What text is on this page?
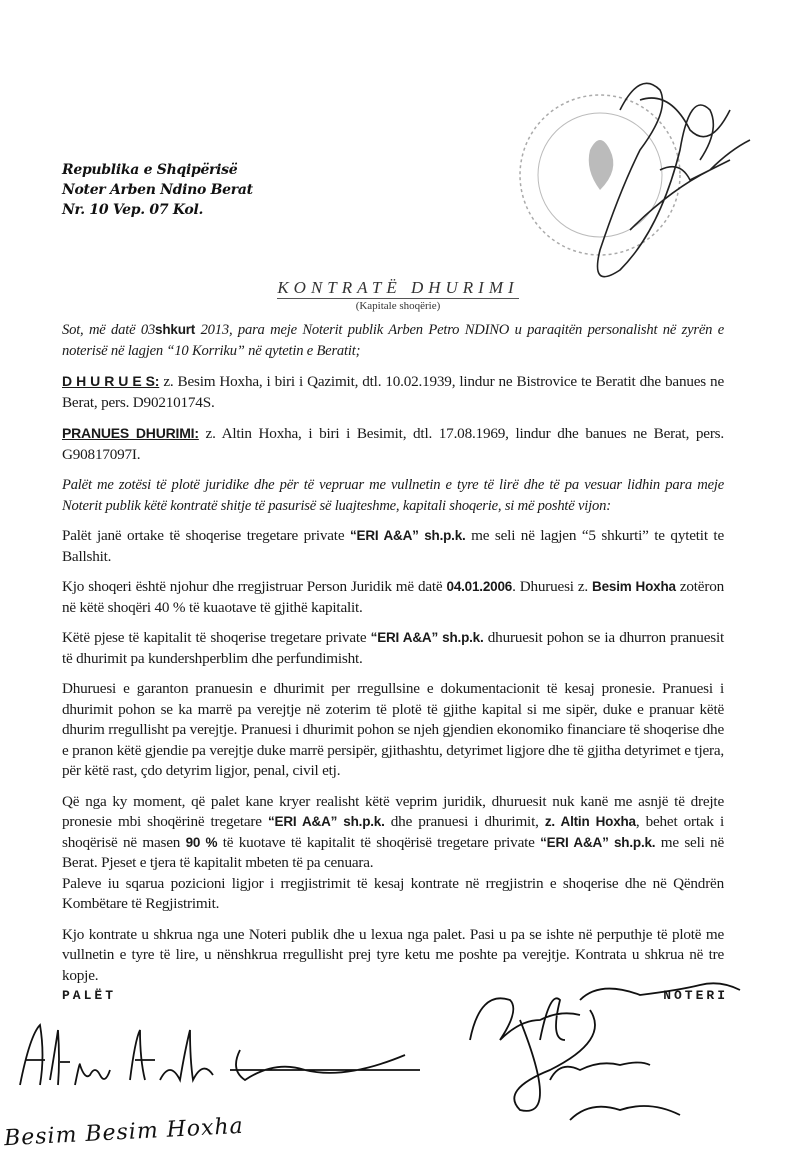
Republika e Shqipërisë
Noter Arben Ndino Berat
Nr. 10 Vep. 07 Kol.
KONTRATË DHURIMI
(Kapitale shoqërie)
Sot, më datë 03shkurt 2013, para meje Noterit publik Arben Petro NDINO u paraqitën personalisht në zyrën e noterisë në lagjen “10 Korriku” në qytetin e Beratit;
D H U R U E S: z. Besim Hoxha, i biri i Qazimit, dtl. 10.02.1939, lindur ne Bistrovice te Beratit dhe banues ne Berat, pers. D90210174S.
PRANUES DHURIMI: z. Altin Hoxha, i biri i Besimit, dtl. 17.08.1969, lindur dhe banues ne Berat, pers. G90817097I.
Palët me zotësi të plotë juridike dhe për të vepruar me vullnetin e tyre të lirë dhe të pa vesuar lidhin para meje Noterit publik këtë kontratë shitje të pasurisë së luajteshme, kapitali shoqerie, si më poshtë vijon:
Palët janë ortake të shoqerise tregetare private “ERI A&A” sh.p.k. me seli në lagjen “5 shkurti” te qytetit te Ballshit.
Kjo shoqeri është njohur dhe rregjistruar Person Juridik më datë 04.01.2006. Dhuruesi z. Besim Hoxha zotëron në këtë shoqëri 40 % të kuaotave të gjithë kapitalit.
Këtë pjese të kapitalit të shoqerise tregetare private “ERI A&A” sh.p.k. dhuruesit pohon se ia dhurron pranuesit të dhurimit pa kundershperblim dhe perfundimisht.
Dhuruesi e garanton pranuesin e dhurimit per rregullsine e dokumentacionit të kesaj pronesie. Pranuesi i dhurimit pohon se ka marrë pa verejtje në zoterim të plotë të gjithe kapital si me sipër, duke e pranuar këtë dhurim rregullisht pa verejtje. Pranuesi i dhurimit pohon se njeh gjendien ekonomiko financiare të shoqerise dhe e pranon këtë gjendie pa verejtje duke marrë persipër, gjithashtu, detyrimet ligjore dhe të gjitha detyrimet e tjera, për këtë rast, çdo detyrim ligjor, penal, civil etj.
Që nga ky moment, që palet kane kryer realisht këtë veprim juridik, dhuruesit nuk kanë me asnjë të drejte pronesie mbi shoqërinë tregetare “ERI A&A” sh.p.k. dhe pranuesi i dhurimit, z. Altin Hoxha, behet ortak i shoqërisë në masen 90 % të kuotave të kapitalit të shoqërisë tregetare private “ERI A&A” sh.p.k. me seli në Berat. Pjeset e tjera të kapitalit mbeten të pa cenuara.
Paleve iu sqarua pozicioni ligjor i rregjistrimit të kesaj kontrate në rregjistrin e shoqerise dhe në Qëndrën Kombëtare të Regjistrimit.
Kjo kontrate u shkrua nga une Noteri publik dhe u lexua nga palet. Pasi u pa se ishte në perputhje të plotë me vullnetin e tyre të lire, u nënshkrua rregullisht prej tyre ketu me poshte pa verejtje. Kontrata u shkrua në tre kopje.
PALËT	NOTERI
Besim Besim Hoxha
